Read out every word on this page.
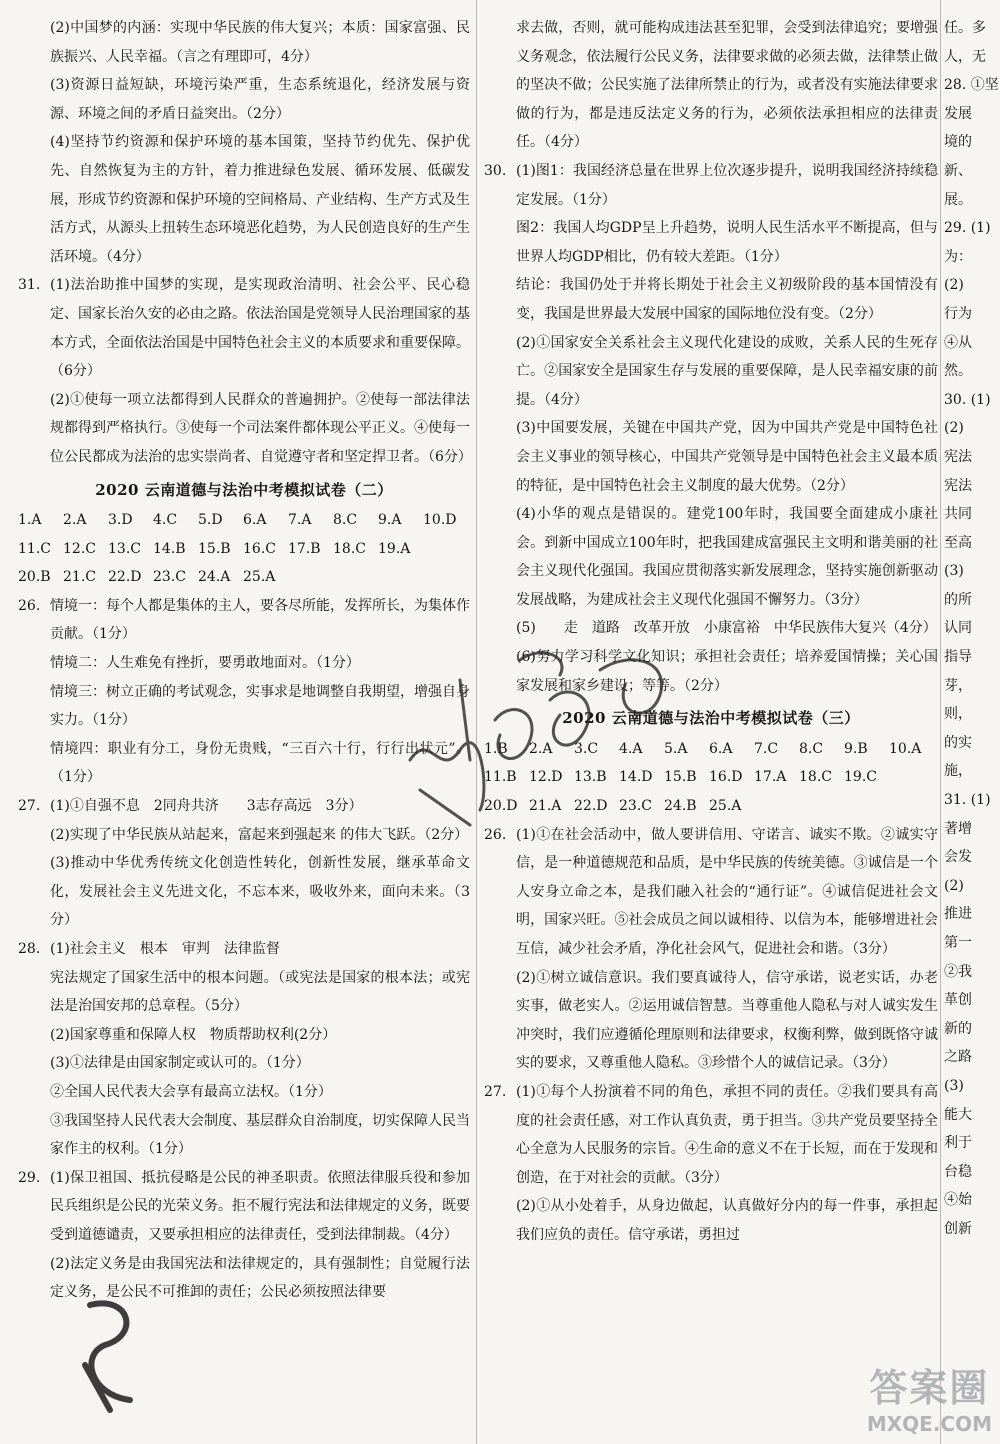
(2)中国梦的内涵：实现中华民族的伟大复兴；本质：国家富强、民族振兴、人民幸福。（言之有理即可，4分）

(3)资源日益短缺，环境污染严重，生态系统退化，经济发展与资源、环境之间的矛盾日益突出。（2分）

(4)坚持节约资源和保护环境的基本国策，坚持节约优先、保护优先、自然恢复为主的方针，着力推进绿色发展、循环发展、低碳发展，形成节约资源和保护环境的空间格局、产业结构、生产方式及生活方式，从源头上扭转生态环境恶化趋势，为人民创造良好的生产生活环境。（4分）

31. (1)法治助推中国梦的实现，是实现政治清明、社会公平、民心稳定、国家长治久安的必由之路。依法治国是党领导人民治理国家的基本方式，全面依法治国是中国特色社会主义的本质要求和重要保障。（6分）

(2)①使每一项立法都得到人民群众的普遍拥护。②使每一部法律法规都得到严格执行。③使每一个司法案件都体现公平正义。④使每一位公民都成为法治的忠实崇尚者、自觉遵守者和坚定捍卫者。（6分）

2020 云南道德与法治中考模拟试卷（二）
1.A	2.A	3.D	4.C	5.D	6.A	7.A	8.C	9.A	10.D
11.C 12.C 13.C 14.B 15.B 16.C 17.B 18.C 19.A
20.B 21.C 22.D 23.C 24.A 25.A
26. 情境一：每个人都是集体的主人，要各尽所能，发挥所长，为集体作贡献。（1分）

情境二：人生难免有挫折，要勇敢地面对。（1分）

情境三：树立正确的考试观念，实事求是地调整自我期望，增强自身实力。（1分）

情境四：职业有分工，身份无贵贱，“三百六十行，行行出状元”。（1分）

27. (1)①自强不息　2同舟共济　　3志存高远　3分）

(2)实现了中华民族从站起来，富起来到强起来 的伟大飞跃。（2分）

(3)推动中华优秀传统文化创造性转化，创新性发展，继承革命文化，发展社会主义先进文化，不忘本来，吸收外来，面向未来。（3分）

28. (1)社会主义　根本　审判　法律监督

宪法规定了国家生活中的根本问题。（或宪法是国家的根本法；或宪法是治国安邦的总章程。（5分）

(2)国家尊重和保障人权　物质帮助权利(2分）

(3)①法律是由国家制定或认可的。（1分）

②全国人民代表大会享有最高立法权。（1分）

③我国坚持人民代表大会制度、基层群众自治制度，切实保障人民当家作主的权利。（1分）

29. (1)保卫祖国、抵抗侵略是公民的神圣职责。依照法律服兵役和参加民兵组织是公民的光荣义务。拒不履行宪法和法律规定的义务，既要受到道德谴责，又要承担相应的法律责任，受到法律制裁。（4分）

(2)法定义务是由我国宪法和法律规定的，具有强制性；自觉履行法定义务，是公民不可推卸的责任；公民必须按照法律要

求去做，否则，就可能构成违法甚至犯罪，会受到法律追究；要增强义务观念，依法履行公民义务，法律要求做的必须去做，法律禁止做的坚决不做；公民实施了法律所禁止的行为，或者没有实施法律要求做的行为，都是违反法定义务的行为，必须依法承担相应的法律责任。（4分）

30. (1)图1：我国经济总量在世界上位次逐步提升，说明我国经济持续稳定发展。（1分）

图2：我国人均GDP呈上升趋势，说明人民生活水平不断提高，但与世界人均GDP相比，仍有较大差距。（1分）

结论：我国仍处于并将长期处于社会主义初级阶段的基本国情没有变，我国是世界最大发展中国家的国际地位没有变。（2分）

(2)①国家安全关系社会主义现代化建设的成败，关系人民的生死存亡。②国家安全是国家生存与发展的重要保障，是人民幸福安康的前提。（4分）

(3)中国要发展，关键在中国共产党，因为中国共产党是中国特色社会主义事业的领导核心，中国共产党领导是中国特色社会主义最本质的特征，是中国特色社会主义制度的最大优势。（2分）

(4)小华的观点是错误的。建党100年时，我国要全面建成小康社会。到新中国成立100年时，把我国建成富强民主文明和谐美丽的社会主义现代化强国。我国应贯彻落实新发展理念，坚持实施创新驱动发展战略，为建成社会主义现代化强国不懈努力。（3分）

(5)　　走　道路　改革开放　小康富裕　中华民族伟大复兴（4分）

(6)努力学习科学文化知识；承担社会责任；培养爱国情操；关心国家发展和家乡建设；等等。（2分）

2020 云南道德与法治中考模拟试卷（三）
1.B	2.A	3.C	4.A	5.A	6.A	7.C	8.C	9.B	10.A
11.B 12.D 13.B 14.D 15.B 16.D 17.A 18.C 19.C
20.D 21.A 22.D 23.C 24.B 25.A
26. (1)①在社会活动中，做人要讲信用、守诺言、诚实不欺。②诚实守信，是一种道德规范和品质，是中华民族的传统美德。③诚信是一个人安身立命之本，是我们融入社会的“通行证”。④诚信促进社会文明，国家兴旺。⑤社会成员之间以诚相待、以信为本，能够增进社会互信，减少社会矛盾，净化社会风气，促进社会和谐。（3分）

(2)①树立诚信意识。我们要真诚待人，信守承诺，说老实话，办老实事，做老实人。②运用诚信智慧。当尊重他人隐私与对人诚实发生冲突时，我们应遵循伦理原则和法律要求，权衡利弊，做到既恪守诚实的要求，又尊重他人隐私。③珍惜个人的诚信记录。（3分）

27. (1)①每个人扮演着不同的角色，承担不同的责任。②我们要具有高度的社会责任感，对工作认真负责，勇于担当。③共产党员要坚持全心全意为人民服务的宗旨。④生命的意义不在于长短，而在于发现和创造，在于对社会的贡献。（3分）

(2)①从小处着手，从身边做起，认真做好分内的每一件事，承担起我们应负的责任。信守承诺，勇担过

任。多
人，无
28. ①坚
发展
境的
新、
展。
29. (1)
为：
(2)
行为
④从
然。
30. (1)
(2)
宪法
宪法
共同
至高
(3)
的所
认同
指导
芽，
则，
的实
施，
31. (1)
著增
会发
(2)
推进
第一
②我
革创
新的
之路
(3)
能大
利于
台稳
④始
创新
答案圈
MXQE.COM
